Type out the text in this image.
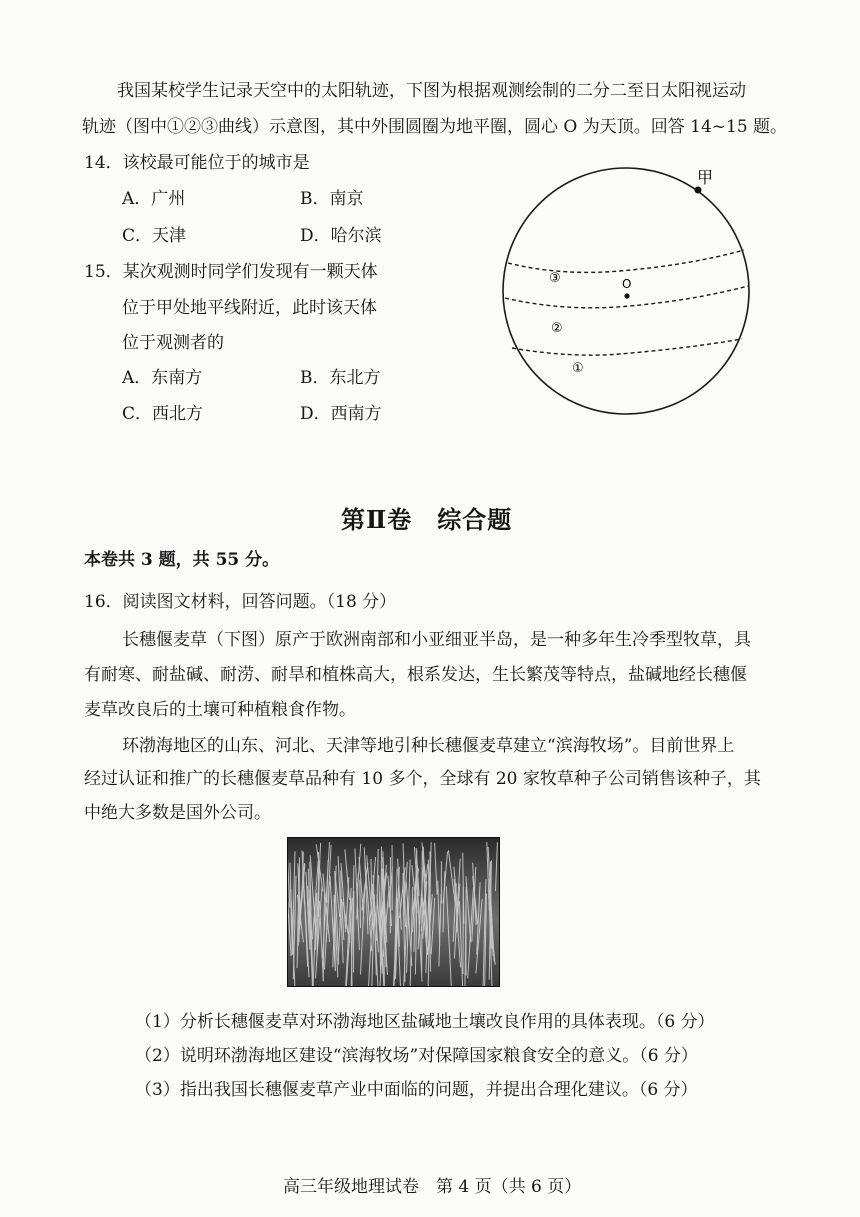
我国某校学生记录天空中的太阳轨迹，下图为根据观测绘制的二分二至日太阳视运动
轨迹（图中①②③曲线）示意图，其中外围圆圈为地平圈，圆心 O 为天顶。回答 14~15 题。
14．该校最可能位于的城市是
A．广州	B．南京
C．天津	D．哈尔滨
15．某次观测时同学们发现有一颗天体
位于甲处地平线附近，此时该天体
位于观测者的
A．东南方	B．东北方
C．西北方	D．西南方
甲
O
③
②
①
第Ⅱ卷　综合题
本卷共 3 题，共 55 分。
16．阅读图文材料，回答问题。（18 分）
长穗偃麦草（下图）原产于欧洲南部和小亚细亚半岛，是一种多年生冷季型牧草，具
有耐寒、耐盐碱、耐涝、耐旱和植株高大，根系发达，生长繁茂等特点，盐碱地经长穗偃
麦草改良后的土壤可种植粮食作物。
环渤海地区的山东、河北、天津等地引种长穗偃麦草建立“滨海牧场”。目前世界上
经过认证和推广的长穗偃麦草品种有 10 多个，全球有 20 家牧草种子公司销售该种子，其
中绝大多数是国外公司。
（1）分析长穗偃麦草对环渤海地区盐碱地土壤改良作用的具体表现。（6 分）
（2）说明环渤海地区建设“滨海牧场”对保障国家粮食安全的意义。（6 分）
（3）指出我国长穗偃麦草产业中面临的问题，并提出合理化建议。（6 分）
高三年级地理试卷　第 4 页（共 6 页）
